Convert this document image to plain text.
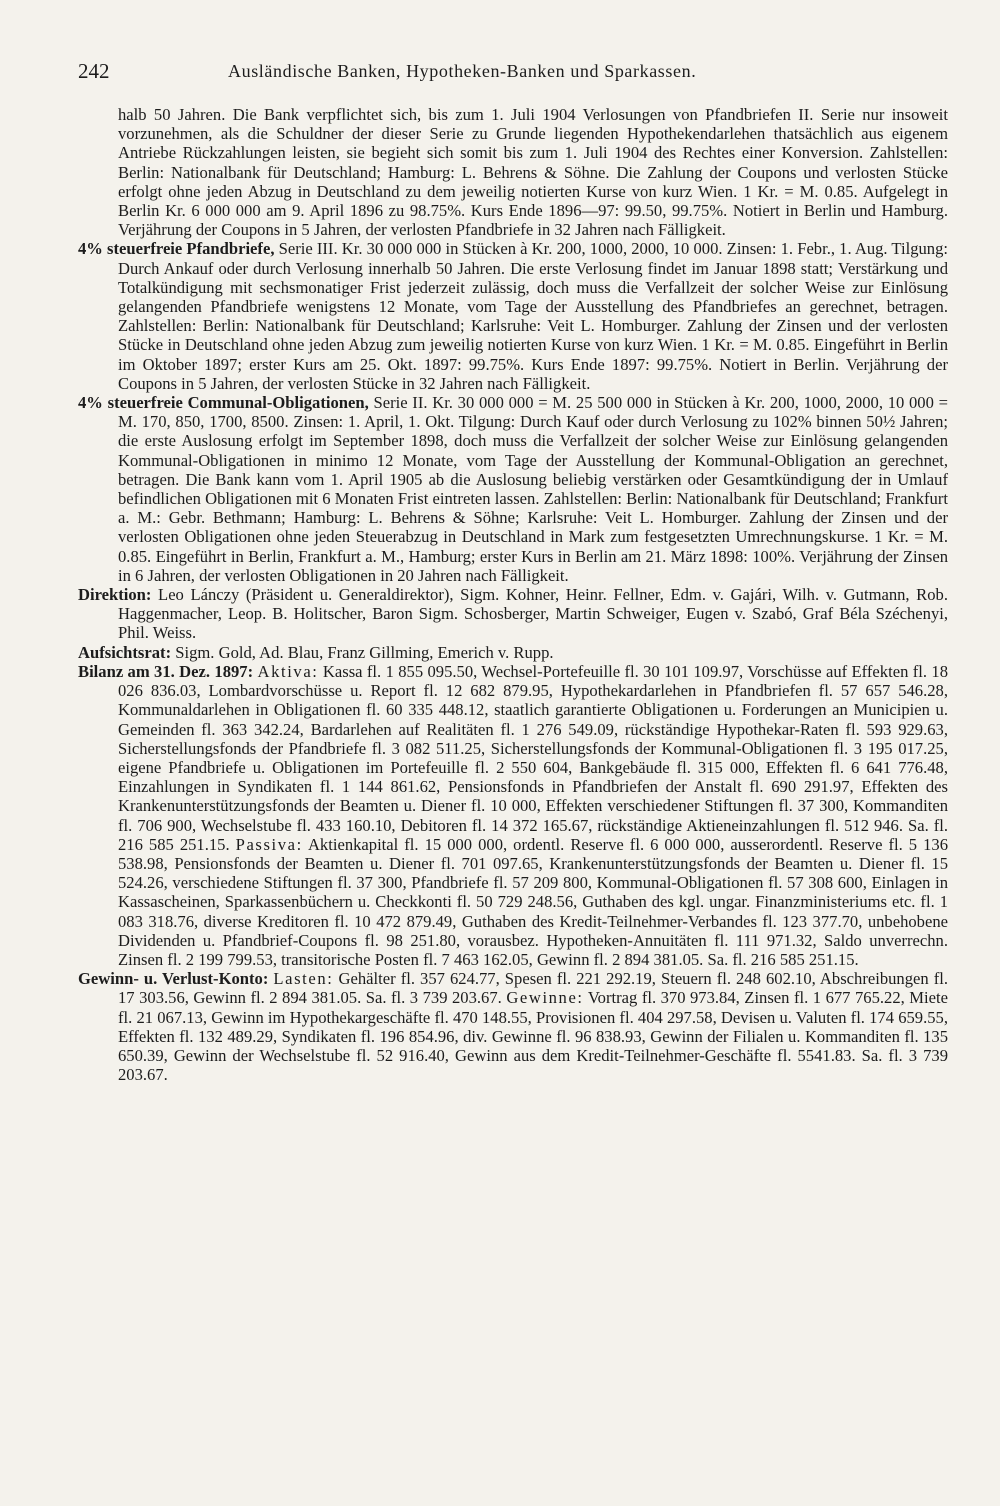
242	Ausländische Banken, Hypotheken-Banken und Sparkassen.

halb 50 Jahren. Die Bank verpflichtet sich, bis zum 1. Juli 1904 Verlosungen von Pfandbriefen II. Serie nur insoweit vorzunehmen, als die Schuldner der dieser Serie zu Grunde liegenden Hypothekendarlehen thatsächlich aus eigenem Antriebe Rückzahlungen leisten, sie begieht sich somit bis zum 1. Juli 1904 des Rechtes einer Konversion. Zahlstellen: Berlin: Nationalbank für Deutschland; Hamburg: L. Behrens & Söhne. Die Zahlung der Coupons und verlosten Stücke erfolgt ohne jeden Abzug in Deutschland zu dem jeweilig notierten Kurse von kurz Wien. 1 Kr. = M. 0.85. Aufgelegt in Berlin Kr. 6 000 000 am 9. April 1896 zu 98.75%. Kurs Ende 1896—97: 99.50, 99.75%. Notiert in Berlin und Hamburg. Verjährung der Coupons in 5 Jahren, der verlosten Pfandbriefe in 32 Jahren nach Fälligkeit.

4% steuerfreie Pfandbriefe, Serie III. Kr. 30 000 000 in Stücken à Kr. 200, 1000, 2000, 10 000. Zinsen: 1. Febr., 1. Aug. Tilgung: Durch Ankauf oder durch Verlosung innerhalb 50 Jahren. Die erste Verlosung findet im Januar 1898 statt; Verstärkung und Totalkündigung mit sechsmonatiger Frist jederzeit zulässig, doch muss die Verfallzeit der solcher Weise zur Einlösung gelangenden Pfandbriefe wenigstens 12 Monate, vom Tage der Ausstellung des Pfandbriefes an gerechnet, betragen. Zahlstellen: Berlin: Nationalbank für Deutschland; Karlsruhe: Veit L. Homburger. Zahlung der Zinsen und der verlosten Stücke in Deutschland ohne jeden Abzug zum jeweilig notierten Kurse von kurz Wien. 1 Kr. = M. 0.85. Eingeführt in Berlin im Oktober 1897; erster Kurs am 25. Okt. 1897: 99.75%. Kurs Ende 1897: 99.75%. Notiert in Berlin. Verjährung der Coupons in 5 Jahren, der verlosten Stücke in 32 Jahren nach Fälligkeit.

4% steuerfreie Communal-Obligationen, Serie II. Kr. 30 000 000 = M. 25 500 000 in Stücken à Kr. 200, 1000, 2000, 10 000 = M. 170, 850, 1700, 8500. Zinsen: 1. April, 1. Okt. Tilgung: Durch Kauf oder durch Verlosung zu 102% binnen 50½ Jahren; die erste Auslosung erfolgt im September 1898, doch muss die Verfallzeit der solcher Weise zur Einlösung gelangenden Kommunal-Obligationen in minimo 12 Monate, vom Tage der Ausstellung der Kommunal-Obligation an gerechnet, betragen. Die Bank kann vom 1. April 1905 ab die Auslosung beliebig verstärken oder Gesamtkündigung der in Umlauf befindlichen Obligationen mit 6 Monaten Frist eintreten lassen. Zahlstellen: Berlin: Nationalbank für Deutschland; Frankfurt a. M.: Gebr. Bethmann; Hamburg: L. Behrens & Söhne; Karlsruhe: Veit L. Homburger. Zahlung der Zinsen und der verlosten Obligationen ohne jeden Steuerabzug in Deutschland in Mark zum festgesetzten Umrechnungskurse. 1 Kr. = M. 0.85. Eingeführt in Berlin, Frankfurt a. M., Hamburg; erster Kurs in Berlin am 21. März 1898: 100%. Verjährung der Zinsen in 6 Jahren, der verlosten Obligationen in 20 Jahren nach Fälligkeit.

Direktion: Leo Lánczy (Präsident u. Generaldirektor), Sigm. Kohner, Heinr. Fellner, Edm. v. Gajári, Wilh. v. Gutmann, Rob. Haggenmacher, Leop. B. Holitscher, Baron Sigm. Schosberger, Martin Schweiger, Eugen v. Szabó, Graf Béla Széchenyi, Phil. Weiss.

Aufsichtsrat: Sigm. Gold, Ad. Blau, Franz Gillming, Emerich v. Rupp.

Bilanz am 31. Dez. 1897: Aktiva: Kassa fl. 1 855 095.50, Wechsel-Portefeuille fl. 30 101 109.97, Vorschüsse auf Effekten fl. 18 026 836.03, Lombardvorschüsse u. Report fl. 12 682 879.95, Hypothekardarlehen in Pfandbriefen fl. 57 657 546.28, Kommunaldarlehen in Obligationen fl. 60 335 448.12, staatlich garantierte Obligationen u. Forderungen an Municipien u. Gemeinden fl. 363 342.24, Bardarlehen auf Realitäten fl. 1 276 549.09, rückständige Hypothekar-Raten fl. 593 929.63, Sicherstellungsfonds der Pfandbriefe fl. 3 082 511.25, Sicherstellungsfonds der Kommunal-Obligationen fl. 3 195 017.25, eigene Pfandbriefe u. Obligationen im Portefeuille fl. 2 550 604, Bankgebäude fl. 315 000, Effekten fl. 6 641 776.48, Einzahlungen in Syndikaten fl. 1 144 861.62, Pensionsfonds in Pfandbriefen der Anstalt fl. 690 291.97, Effekten des Krankenunterstützungsfonds der Beamten u. Diener fl. 10 000, Effekten verschiedener Stiftungen fl. 37 300, Kommanditen fl. 706 900, Wechselstube fl. 433 160.10, Debitoren fl. 14 372 165.67, rückständige Aktieneinzahlungen fl. 512 946. Sa. fl. 216 585 251.15. Passiva: Aktienkapital fl. 15 000 000, ordentl. Reserve fl. 6 000 000, ausserordentl. Reserve fl. 5 136 538.98, Pensionsfonds der Beamten u. Diener fl. 701 097.65, Krankenunterstützungsfonds der Beamten u. Diener fl. 15 524.26, verschiedene Stiftungen fl. 37 300, Pfandbriefe fl. 57 209 800, Kommunal-Obligationen fl. 57 308 600, Einlagen in Kassascheinen, Sparkassenbüchern u. Checkkonti fl. 50 729 248.56, Guthaben des kgl. ungar. Finanzministeriums etc. fl. 1 083 318.76, diverse Kreditoren fl. 10 472 879.49, Guthaben des Kredit-Teilnehmer-Verbandes fl. 123 377.70, unbehobene Dividenden u. Pfandbrief-Coupons fl. 98 251.80, vorausbez. Hypotheken-Annuitäten fl. 111 971.32, Saldo unverrechn. Zinsen fl. 2 199 799.53, transitorische Posten fl. 7 463 162.05, Gewinn fl. 2 894 381.05. Sa. fl. 216 585 251.15.

Gewinn- u. Verlust-Konto: Lasten: Gehälter fl. 357 624.77, Spesen fl. 221 292.19, Steuern fl. 248 602.10, Abschreibungen fl. 17 303.56, Gewinn fl. 2 894 381.05. Sa. fl. 3 739 203.67. Gewinne: Vortrag fl. 370 973.84, Zinsen fl. 1 677 765.22, Miete fl. 21 067.13, Gewinn im Hypothekargeschäfte fl. 470 148.55, Provisionen fl. 404 297.58, Devisen u. Valuten fl. 174 659.55, Effekten fl. 132 489.29, Syndikaten fl. 196 854.96, div. Gewinne fl. 96 838.93, Gewinn der Filialen u. Kommanditen fl. 135 650.39, Gewinn der Wechselstube fl. 52 916.40, Gewinn aus dem Kredit-Teilnehmer-Geschäfte fl. 5541.83. Sa. fl. 3 739 203.67.
